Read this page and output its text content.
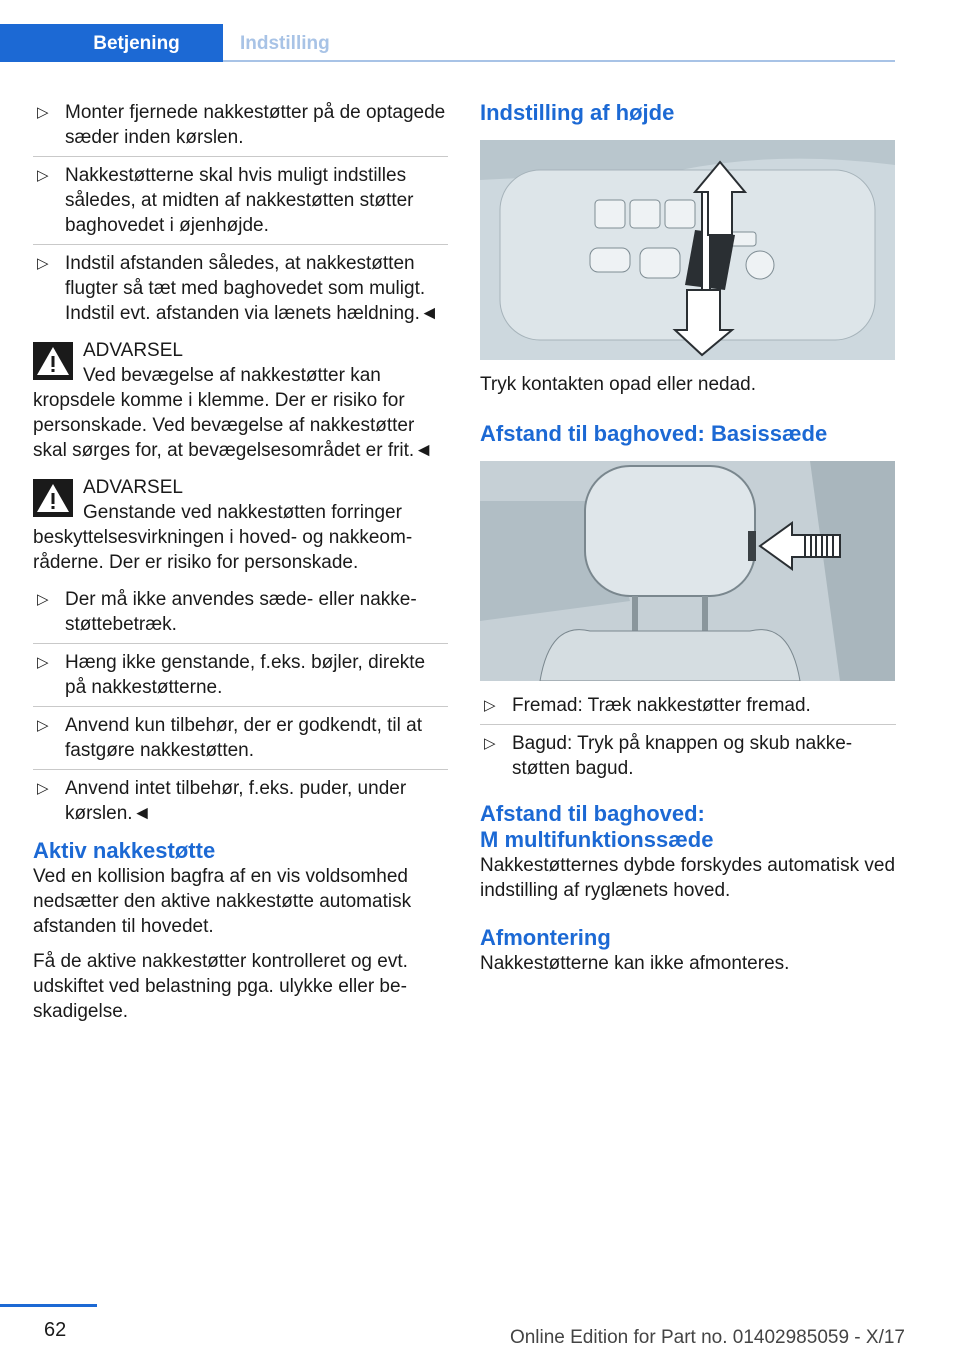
Betjening	Indstilling
▷ Monter fjernede nakkestøtter på de optagede sæder inden kørslen.
▷ Nakkestøtterne skal hvis muligt indstilles således, at midten af nakkestøtten støtter baghovedet i øjenhøjde.
▷ Indstil afstanden således, at nakkestøtten flugter så tæt med baghovedet som muligt. Indstil evt. afstanden via lænets hældning.◄
ADVARSEL
Ved bevægelse af nakkestøtter kan
kropsdele komme i klemme. Der er risiko for personskade. Ved bevægelse af nakkestøtter skal sørges for, at bevægelsesområdet er frit.◄
ADVARSEL
Genstande ved nakkestøtten forringer
beskyttelsesvirkningen i hoved- og nakkeområderne. Der er risiko for personskade.
▷ Der må ikke anvendes sæde- eller nakkestøttebetræk.
▷ Hæng ikke genstande, f.eks. bøjler, direkte på nakkestøtterne.
▷ Anvend kun tilbehør, der er godkendt, til at fastgøre nakkestøtten.
▷ Anvend intet tilbehør, f.eks. puder, under kørslen.◄
Aktiv nakkestøtte

Ved en kollision bagfra af en vis voldsomhed nedsætter den aktive nakkestøtte automatisk afstanden til hovedet.

Få de aktive nakkestøtter kontrolleret og evt. udskiftet ved belastning pga. ulykke eller beskadigelse.

Indstilling af højde

Tryk kontakten opad eller nedad.

Afstand til baghoved: Basissæde
▷ Fremad: Træk nakkestøtter fremad.
▷ Bagud: Tryk på knappen og skub nakkestøtten bagud.
Afstand til baghoved:
M multifunktionssæde

Nakkestøtternes dybde forskydes automatisk ved indstilling af ryglænets hoved.

Afmontering

Nakkestøtterne kan ikke afmonteres.

62	Online Edition for Part no. 01402985059 - X/17
